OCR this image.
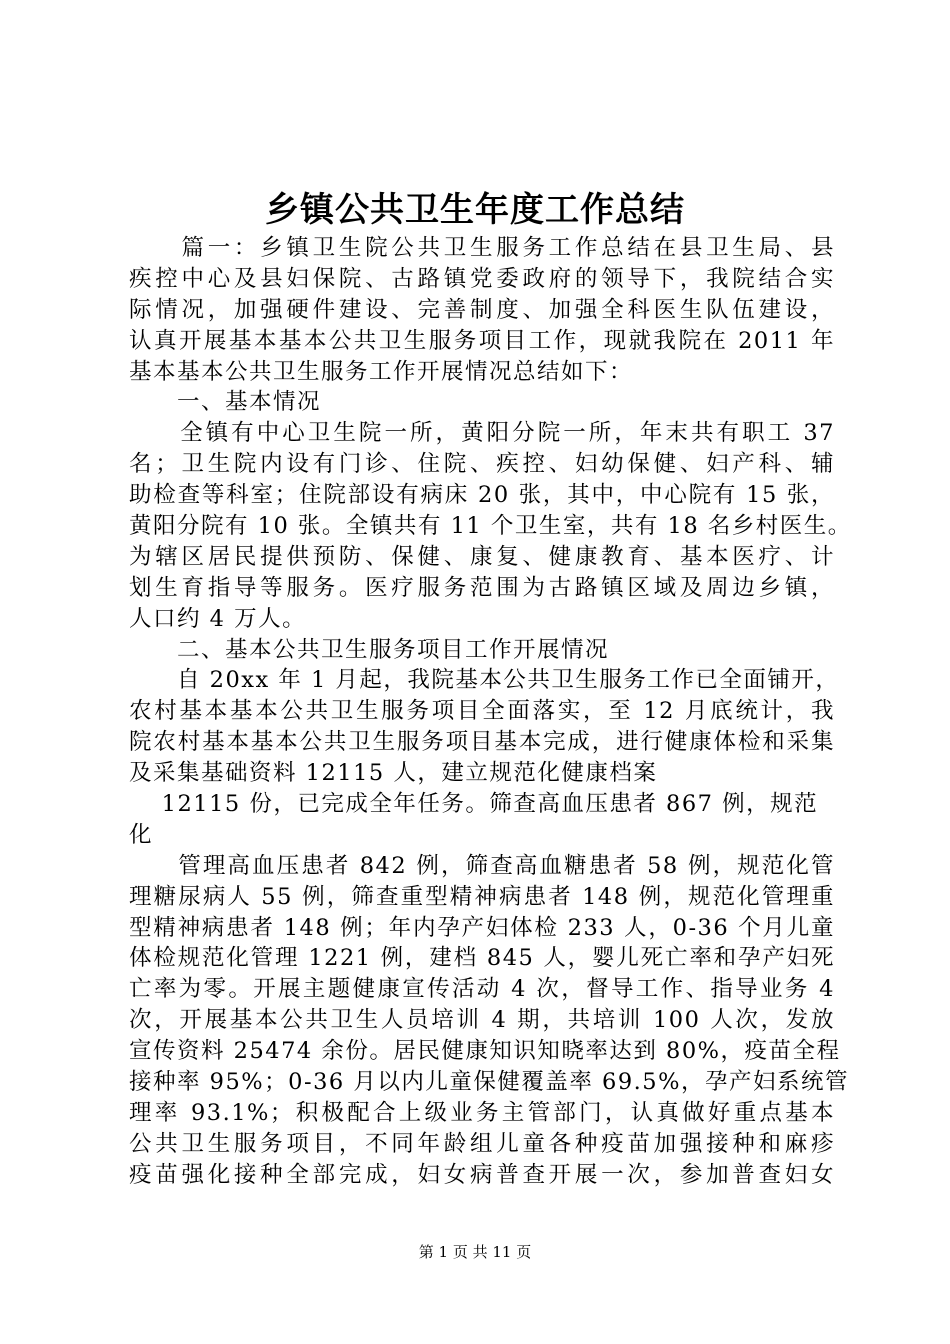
乡镇公共卫生年度工作总结
　　篇一：乡镇卫生院公共卫生服务工作总结在县卫生局、县
疾控中心及县妇保院、古路镇党委政府的领导下，我院结合实
际情况，加强硬件建设、完善制度、加强全科医生队伍建设，
认真开展基本基本公共卫生服务项目工作，现就我院在 2011 年
基本基本公共卫生服务工作开展情况总结如下：
　　一、基本情况
　　全镇有中心卫生院一所，黄阳分院一所，年末共有职工 37
名；卫生院内设有门诊、住院、疾控、妇幼保健、妇产科、辅
助检查等科室；住院部设有病床 20 张，其中，中心院有 15 张，
黄阳分院有 10 张。全镇共有 11 个卫生室，共有 18 名乡村医生。
为辖区居民提供预防、保健、康复、健康教育、基本医疗、计
划生育指导等服务。医疗服务范围为古路镇区域及周边乡镇，
人口约 4 万人。
　　二、基本公共卫生服务项目工作开展情况
　　自 20xx 年 1 月起，我院基本公共卫生服务工作已全面铺开，
农村基本基本公共卫生服务项目全面落实，至 12 月底统计，我
院农村基本基本公共卫生服务项目基本完成，进行健康体检和采集
及采集基础资料 12115 人，建立规范化健康档案
　 12115 份，已完成全年任务。筛查高血压患者 867 例，规范
化
　　管理高血压患者 842 例，筛查高血糖患者 58 例，规范化管
理糖尿病人 55 例，筛查重型精神病患者 148 例，规范化管理重
型精神病患者 148 例；年内孕产妇体检 233 人，0-36 个月儿童
体检规范化管理 1221 例，建档 845 人，婴儿死亡率和孕产妇死
亡率为零。开展主题健康宣传活动 4 次，督导工作、指导业务 4
次，开展基本公共卫生人员培训 4 期，共培训 100 人次，发放
宣传资料 25474 余份。居民健康知识知晓率达到 80%，疫苗全程
接种率 95%；0-36 月以内儿童保健覆盖率 69.5%，孕产妇系统管
理率 93.1%；积极配合上级业务主管部门，认真做好重点基本
公共卫生服务项目，不同年龄组儿童各种疫苗加强接种和麻疹
疫苗强化接种全部完成，妇女病普查开展一次，参加普查妇女
第 1 页 共 11 页
